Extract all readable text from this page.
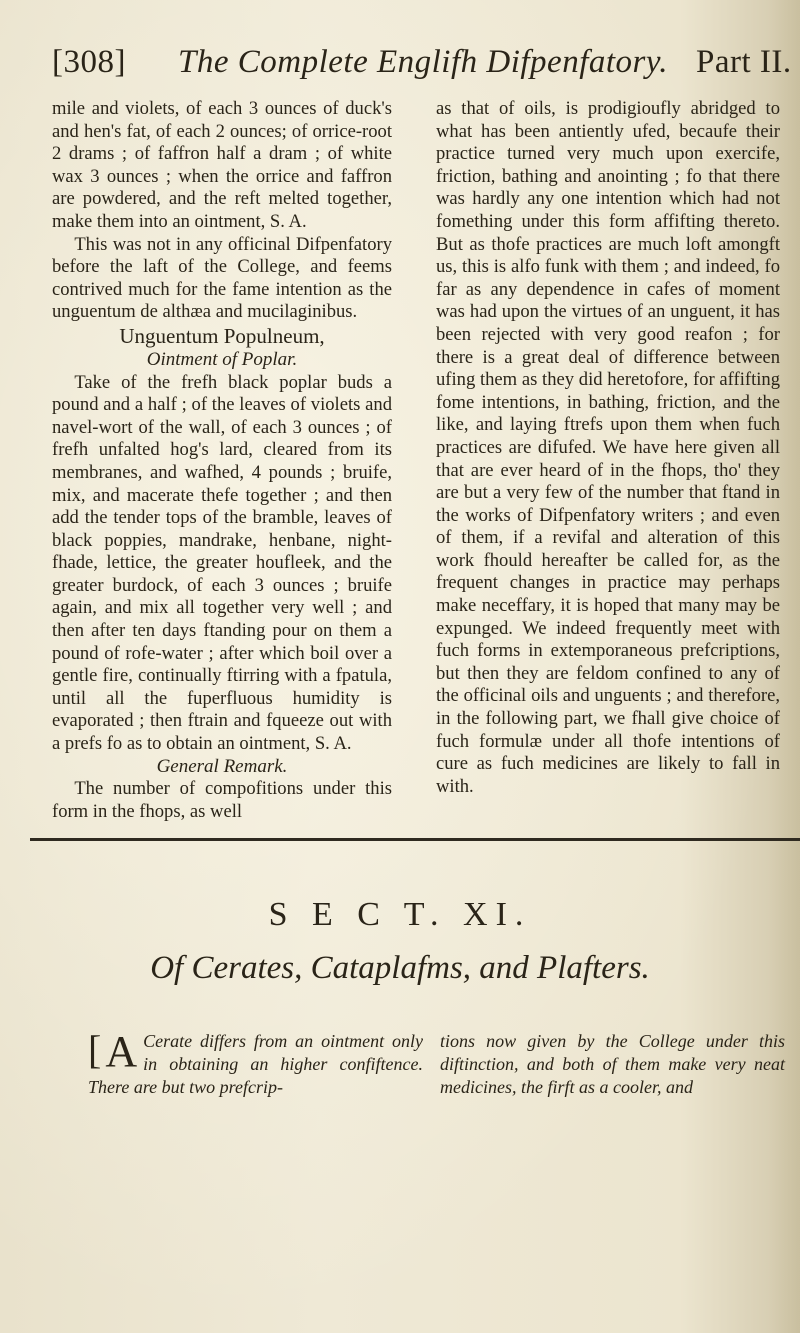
[308] The Complete Englifh Difpenfatory. Part II.

mile and violets, of each 3 ounces of duck's and hen's fat, of each 2 ounces; of orrice-root 2 drams ; of faffron half a dram ; of white wax 3 ounces ; when the orrice and faffron are powdered, and the reft melted together, make them into an ointment, S. A.

This was not in any officinal Difpenfatory before the laft of the College, and feems contrived much for the fame intention as the unguentum de althæa and mucilaginibus.

Unguentum Populneum,

Ointment of Poplar.

Take of the frefh black poplar buds a pound and a half ; of the leaves of violets and navel-wort of the wall, of each 3 ounces ; of frefh unfalted hog's lard, cleared from its membranes, and wafhed, 4 pounds ; bruife, mix, and macerate thefe together ; and then add the tender tops of the bramble, leaves of black poppies, mandrake, henbane, night-fhade, lettice, the greater houfleek, and the greater burdock, of each 3 ounces ; bruife again, and mix all together very well ; and then after ten days ftanding pour on them a pound of rofe-water ; after which boil over a gentle fire, continually ftirring with a fpatula, until all the fuperfluous humidity is evaporated ; then ftrain and fqueeze out with a prefs fo as to obtain an ointment, S. A.

General Remark.

The number of compofitions under this form in the fhops, as well

as that of oils, is prodigioufly abridged to what has been antiently ufed, becaufe their practice turned very much upon exercife, friction, bathing and anointing ; fo that there was hardly any one intention which had not fomething under this form affifting thereto. But as thofe practices are much loft amongft us, this is alfo funk with them ; and indeed, fo far as any dependence in cafes of moment was had upon the virtues of an unguent, it has been rejected with very good reafon ; for there is a great deal of difference between ufing them as they did heretofore, for affifting fome intentions, in bathing, friction, and the like, and laying ftrefs upon them when fuch practices are difufed. We have here given all that are ever heard of in the fhops, tho' they are but a very few of the number that ftand in the works of Difpenfatory writers ; and even of them, if a revifal and alteration of this work fhould hereafter be called for, as the frequent changes in practice may perhaps make neceffary, it is hoped that many may be expunged. We indeed frequently meet with fuch forms in extemporaneous prefcriptions, but then they are feldom confined to any of the officinal oils and unguents ; and therefore, in the following part, we fhall give choice of fuch formulæ under all thofe intentions of cure as fuch medicines are likely to fall in with.

S E C T. XI.
Of Cerates, Cataplafms, and Plafters.
[ A Cerate differs from an ointment only in obtaining an higher confiftence. There are but two prefcrip-
tions now given by the College under this diftinction, and both of them make very neat medicines, the firft as a cooler, and
